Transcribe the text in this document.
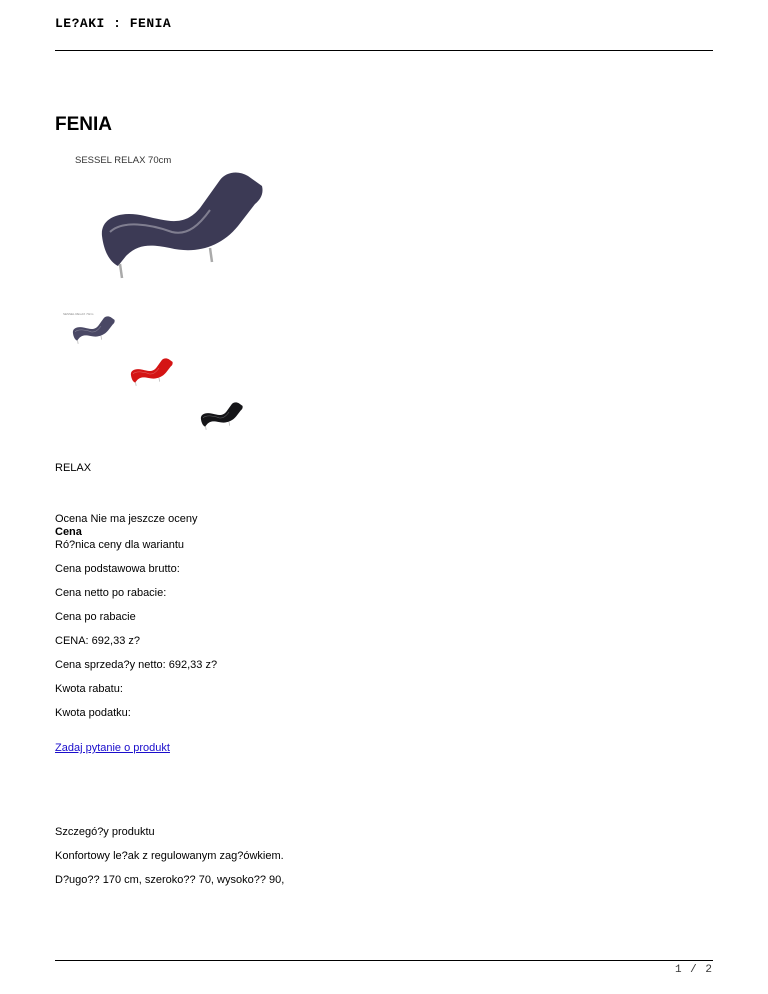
LE?AKI : FENIA
FENIA
SESSEL RELAX 70cm
SESSEL RELAX 70cm
RELAX
Ocena Nie ma jeszcze oceny
Cena
Ró?nica ceny dla wariantu
Cena podstawowa brutto:
Cena netto po rabacie:
Cena po rabacie
CENA: 692,33 z?
Cena sprzeda?y netto: 692,33 z?
Kwota rabatu:
Kwota podatku:
Zadaj pytanie o produkt
Szczegó?y produktu
Konfortowy le?ak z regulowanym zag?ówkiem.
D?ugo?? 170 cm, szeroko?? 70, wysoko?? 90,
1 / 2
